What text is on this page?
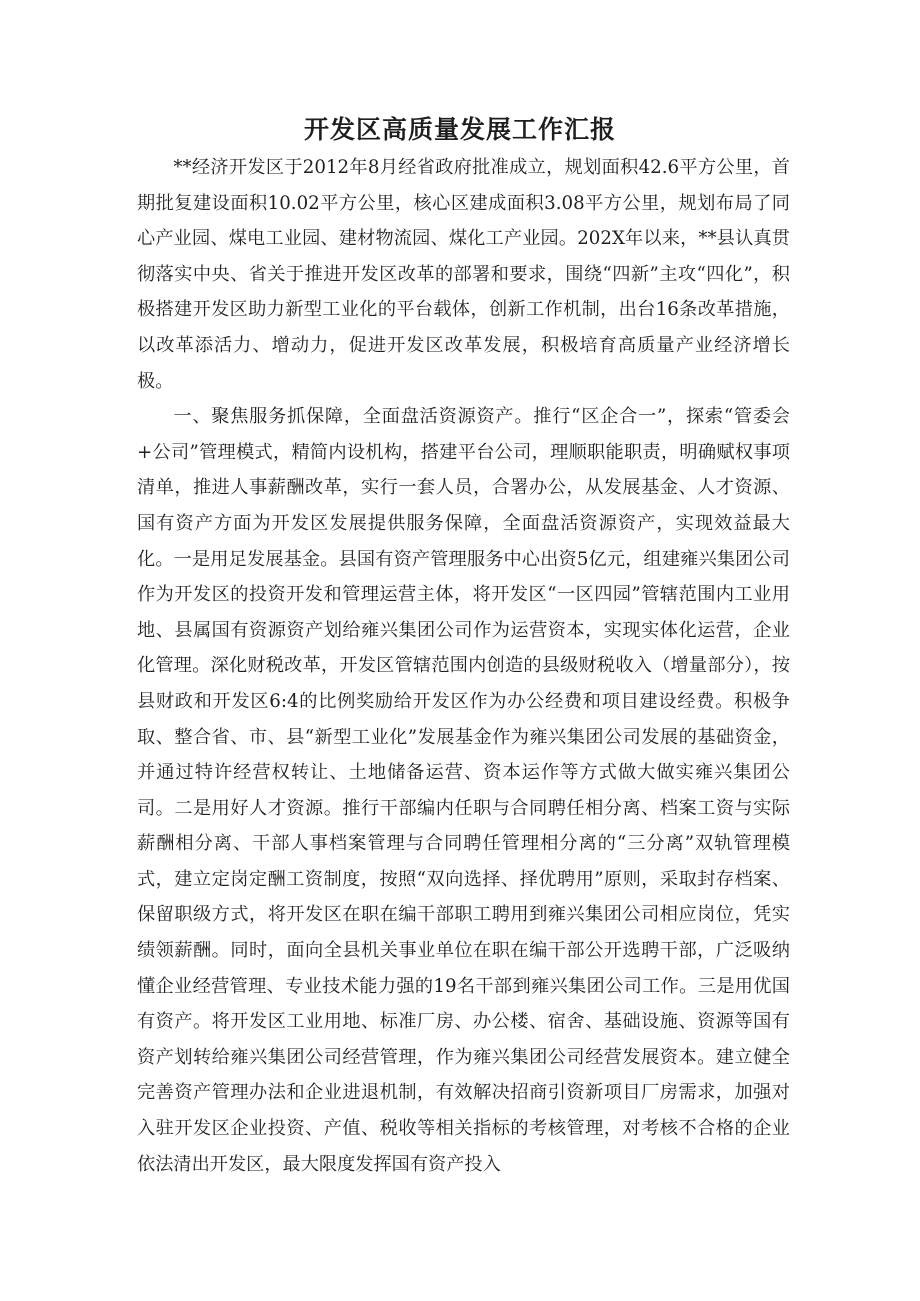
开发区高质量发展工作汇报

**经济开发区于2012年8月经省政府批准成立，规划面积42.6平方公里，首期批复建设面积10.02平方公里，核心区建成面积3.08平方公里，规划布局了同心产业园、煤电工业园、建材物流园、煤化工产业园。202X年以来，**县认真贯彻落实中央、省关于推进开发区改革的部署和要求，围绕“四新”主攻“四化”，积极搭建开发区助力新型工业化的平台载体，创新工作机制，出台16条改革措施，以改革添活力、增动力，促进开发区改革发展，积极培育高质量产业经济增长极。

一、聚焦服务抓保障，全面盘活资源资产。推行“区企合一”，探索“管委会+公司”管理模式，精简内设机构，搭建平台公司，理顺职能职责，明确赋权事项清单，推进人事薪酬改革，实行一套人员，合署办公，从发展基金、人才资源、国有资产方面为开发区发展提供服务保障，全面盘活资源资产，实现效益最大化。一是用足发展基金。县国有资产管理服务中心出资5亿元，组建雍兴集团公司作为开发区的投资开发和管理运营主体，将开发区“一区四园”管辖范围内工业用地、县属国有资源资产划给雍兴集团公司作为运营资本，实现实体化运营，企业化管理。深化财税改革，开发区管辖范围内创造的县级财税收入（增量部分），按县财政和开发区6:4的比例奖励给开发区作为办公经费和项目建设经费。积极争取、整合省、市、县“新型工业化”发展基金作为雍兴集团公司发展的基础资金，并通过特许经营权转让、土地储备运营、资本运作等方式做大做实雍兴集团公司。二是用好人才资源。推行干部编内任职与合同聘任相分离、档案工资与实际薪酬相分离、干部人事档案管理与合同聘任管理相分离的“三分离”双轨管理模式，建立定岗定酬工资制度，按照“双向选择、择优聘用”原则，采取封存档案、保留职级方式，将开发区在职在编干部职工聘用到雍兴集团公司相应岗位，凭实绩领薪酬。同时，面向全县机关事业单位在职在编干部公开选聘干部，广泛吸纳懂企业经营管理、专业技术能力强的19名干部到雍兴集团公司工作。三是用优国有资产。将开发区工业用地、标准厂房、办公楼、宿舍、基础设施、资源等国有资产划转给雍兴集团公司经营管理，作为雍兴集团公司经营发展资本。建立健全完善资产管理办法和企业进退机制，有效解决招商引资新项目厂房需求，加强对入驻开发区企业投资、产值、税收等相关指标的考核管理，对考核不合格的企业依法清出开发区，最大限度发挥国有资产投入
